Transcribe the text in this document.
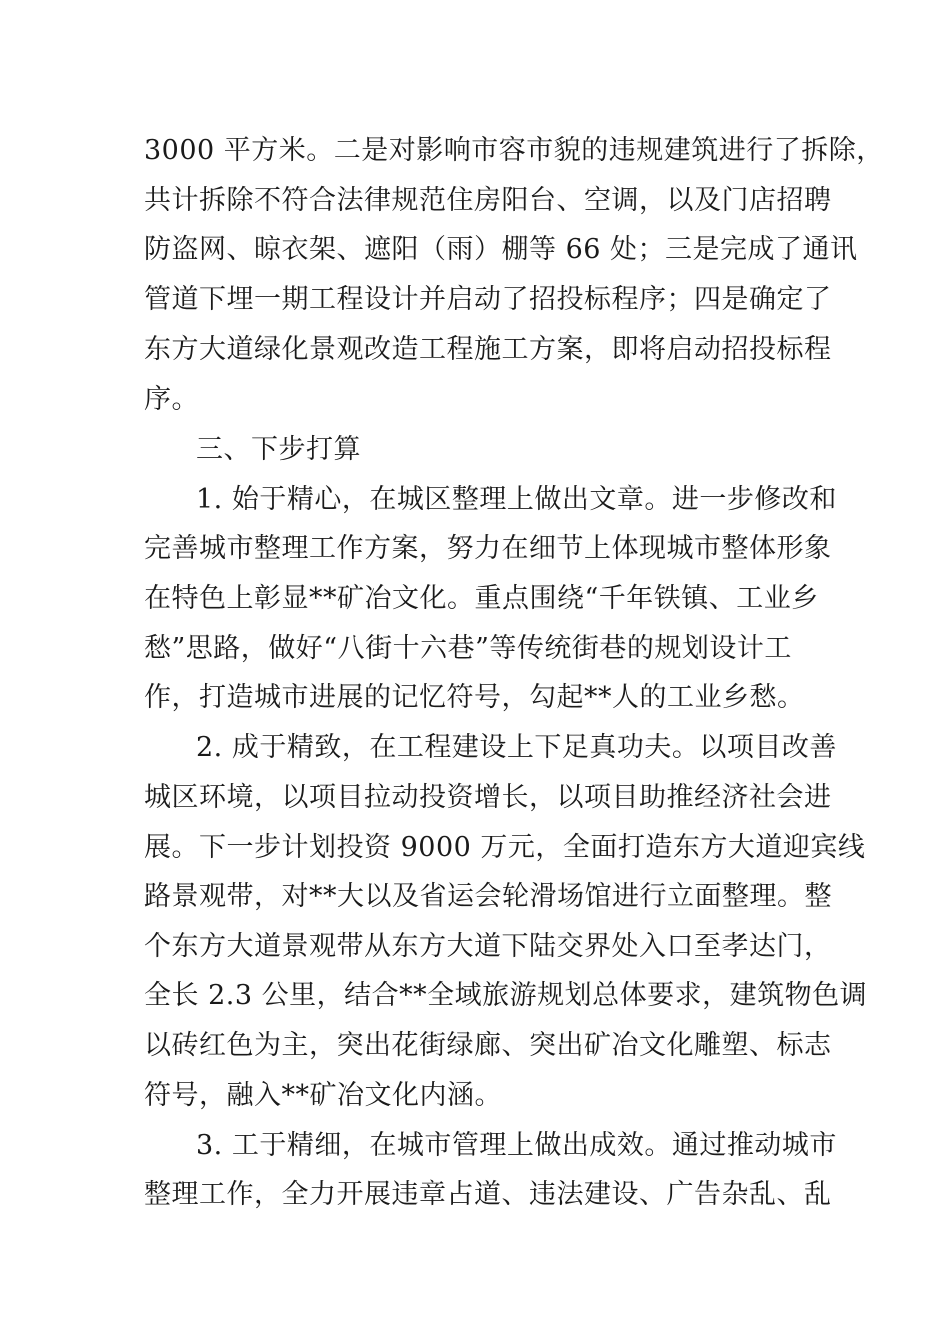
3000 平方米。二是对影响市容市貌的违规建筑进行了拆除，
共计拆除不符合法律规范住房阳台、空调，以及门店招聘
防盗网、晾衣架、遮阳（雨）棚等 66 处；三是完成了通讯
管道下埋一期工程设计并启动了招投标程序；四是确定了
东方大道绿化景观改造工程施工方案，即将启动招投标程
序。
三、下步打算
1. 始于精心，在城区整理上做出文章。进一步修改和
完善城市整理工作方案，努力在细节上体现城市整体形象
在特色上彰显**矿冶文化。重点围绕“千年铁镇、工业乡
愁”思路，做好“八街十六巷”等传统街巷的规划设计工
作，打造城市进展的记忆符号，勾起**人的工业乡愁。
2. 成于精致，在工程建设上下足真功夫。以项目改善
城区环境，以项目拉动投资增长，以项目助推经济社会进
展。下一步计划投资 9000 万元，全面打造东方大道迎宾线
路景观带，对**大以及省运会轮滑场馆进行立面整理。整
个东方大道景观带从东方大道下陆交界处入口至孝达门，
全长 2.3 公里，结合**全域旅游规划总体要求，建筑物色调
以砖红色为主，突出花街绿廊、突出矿冶文化雕塑、标志
符号，融入**矿冶文化内涵。
3. 工于精细，在城市管理上做出成效。通过推动城市
整理工作，全力开展违章占道、违法建设、广告杂乱、乱
